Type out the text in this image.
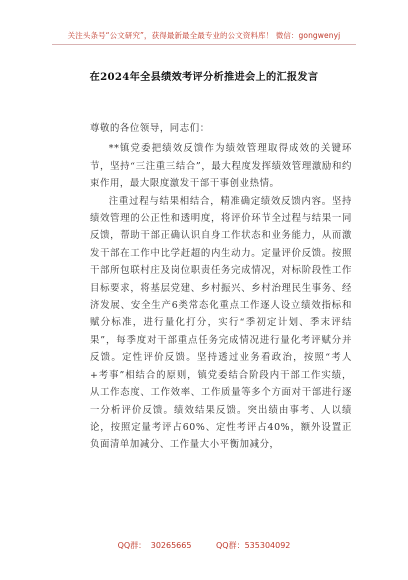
关注头条号“公文研究”，获得最新最全最专业的公文资料库！ 微信：gongwenyj
在2024年全县绩效考评分析推进会上的汇报发言

尊敬的各位领导，同志们：

**镇党委把绩效反馈作为绩效管理取得成效的关键环节，坚持“三注重三结合”，最大程度发挥绩效管理激励和约束作用，最大限度激发干部干事创业热情。

注重过程与结果相结合，精准确定绩效反馈内容。坚持绩效管理的公正性和透明度，将评价环节全过程与结果一同反馈，帮助干部正确认识自身工作状态和业务能力，从而激发干部在工作中比学赶超的内生动力。定量评价反馈。按照干部所包联村庄及岗位职责任务完成情况，对标阶段性工作目标要求，将基层党建、乡村振兴、乡村治理民生事务、经济发展、安全生产6类常态化重点工作逐人设立绩效指标和赋分标准，进行量化打分，实行“季初定计划、季末评结果”，每季度对干部重点任务完成情况进行量化考评赋分并反馈。定性评价反馈。坚持透过业务看政治，按照“考人+考事”相结合的原则，镇党委结合阶段内干部工作实绩，从工作态度、工作效率、工作质量等多个方面对干部进行逐一分析评价反馈。绩效结果反馈。突出绩由事考、人以绩论，按照定量考评占60%、定性考评占40%，额外设置正负面清单加减分、工作量大小平衡加减分，

QQ群： 30265665	QQ群：535304092
